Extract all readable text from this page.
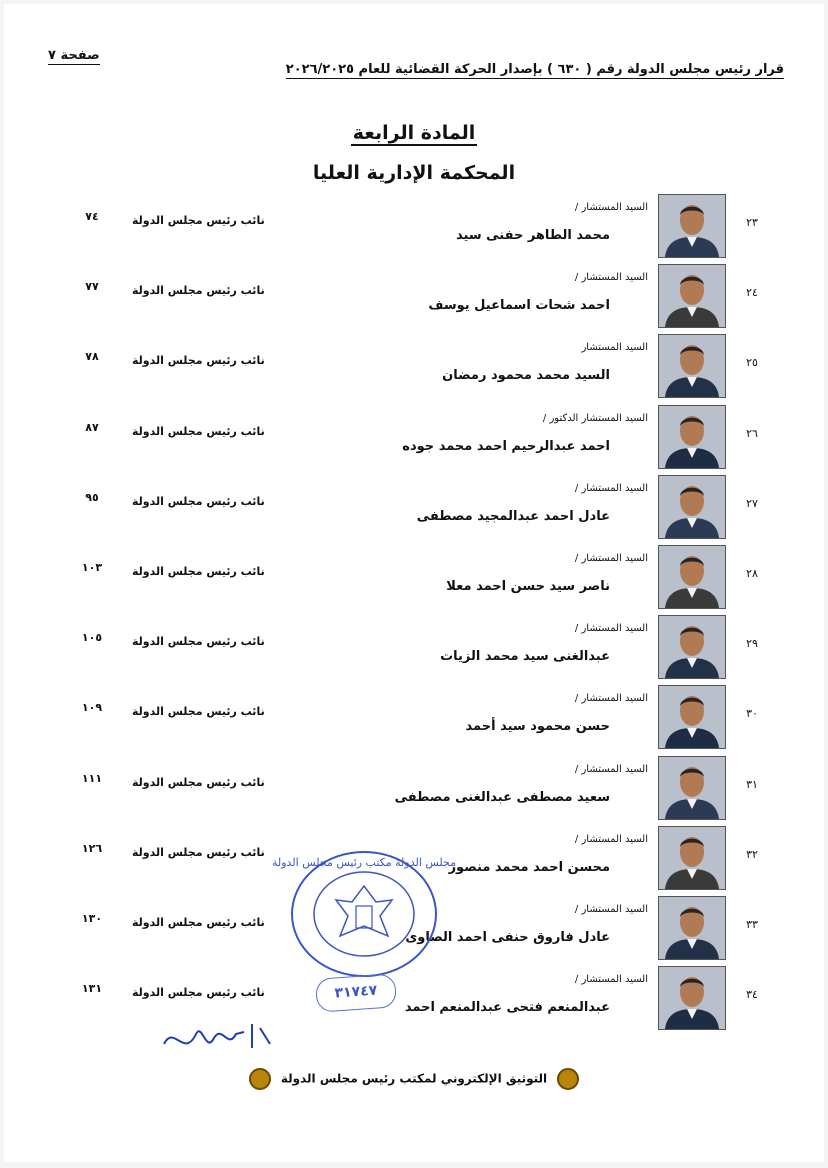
صفحة ٧
قرار رئيس مجلس الدولة رقم ( ٦٣٠ ) بإصدار الحركة القضائية للعام ٢٠٢٦/٢٠٢٥
المادة الرابعة
المحكمة الإدارية العليا
٢٣
السيد المستشار /
محمد الطاهر حفنى سيد
نائب رئيس مجلس الدولة
٧٤
٢٤
السيد المستشار /
احمد شحات اسماعيل يوسف
نائب رئيس مجلس الدولة
٧٧
٢٥
السيد المستشار
السيد محمد محمود رمضان
نائب رئيس مجلس الدولة
٧٨
٢٦
السيد المستشار الدكتور /
احمد عبدالرحيم احمد محمد جوده
نائب رئيس مجلس الدولة
٨٧
٢٧
السيد المستشار /
عادل احمد عبدالمجيد مصطفى
نائب رئيس مجلس الدولة
٩٥
٢٨
السيد المستشار /
ناصر سيد حسن احمد معلا
نائب رئيس مجلس الدولة
١٠٣
٢٩
السيد المستشار /
عبدالغنى سيد محمد الزيات
نائب رئيس مجلس الدولة
١٠٥
٣٠
السيد المستشار /
حسن محمود سيد أحمد
نائب رئيس مجلس الدولة
١٠٩
٣١
السيد المستشار /
سعيد مصطفى عبدالغنى مصطفى
نائب رئيس مجلس الدولة
١١١
٣٢
السيد المستشار /
محسن احمد محمد منصور
نائب رئيس مجلس الدولة
١٢٦
٣٣
السيد المستشار /
عادل فاروق حنفى احمد الصاوى
نائب رئيس مجلس الدولة
١٣٠
٣٤
السيد المستشار /
عبدالمنعم فتحى عبدالمنعم احمد
نائب رئيس مجلس الدولة
١٣١
مجلس الدولة مكتب رئيس مجلس الدولة
٣١٧٤٧
التوثيق الإلكتروني لمكتب رئيس مجلس الدولة
